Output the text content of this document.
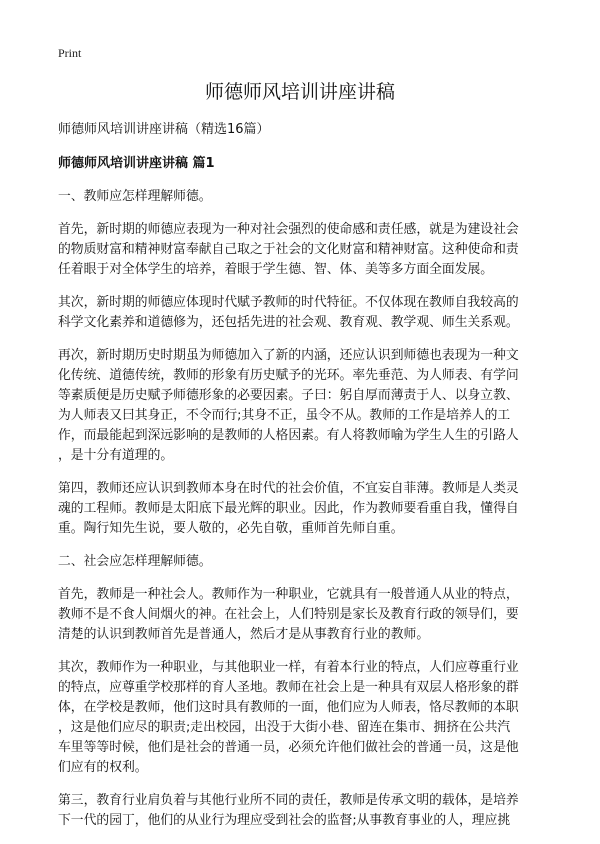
Print
师德师风培训讲座讲稿

师德师风培训讲座讲稿（精选16篇）

师德师风培训讲座讲稿 篇1

一、教师应怎样理解师德。

首先，新时期的师德应表现为一种对社会强烈的使命感和责任感，就是为建设社会
的物质财富和精神财富奉献自己取之于社会的文化财富和精神财富。这种使命和责
任着眼于对全体学生的培养，着眼于学生德、智、体、美等多方面全面发展。

其次，新时期的师德应体现时代赋予教师的时代特征。不仅体现在教师自我较高的
科学文化素养和道德修为，还包括先进的社会观、教育观、教学观、师生关系观。

再次，新时期历史时期虽为师德加入了新的内涵，还应认识到师德也表现为一种文
化传统、道德传统，教师的形象有历史赋予的光环。率先垂范、为人师表、有学问
等素质便是历史赋予师德形象的必要因素。子曰：躬自厚而薄责于人、以身立教、
为人师表又曰其身正，不令而行;其身不正，虽令不从。教师的工作是培养人的工
作，而最能起到深远影响的是教师的人格因素。有人将教师喻为学生人生的引路人
，是十分有道理的。

第四，教师还应认识到教师本身在时代的社会价值，不宜妄自菲薄。教师是人类灵
魂的工程师。教师是太阳底下最光辉的职业。因此，作为教师要看重自我，懂得自
重。陶行知先生说，要人敬的，必先自敬，重师首先师自重。

二、社会应怎样理解师德。

首先，教师是一种社会人。教师作为一种职业，它就具有一般普通人从业的特点，
教师不是不食人间烟火的神。在社会上，人们特别是家长及教育行政的领导们，要
清楚的认识到教师首先是普通人，然后才是从事教育行业的教师。

其次，教师作为一种职业，与其他职业一样，有着本行业的特点，人们应尊重行业
的特点，应尊重学校那样的育人圣地。教师在社会上是一种具有双层人格形象的群
体，在学校是教师，他们这时具有教师的一面，他们应为人师表，恪尽教师的本职
，这是他们应尽的职责;走出校园，出没于大街小巷、留连在集市、拥挤在公共汽
车里等等时候，他们是社会的普通一员，必须允许他们做社会的普通一员，这是他
们应有的权利。

第三，教育行业肩负着与其他行业所不同的责任，教师是传承文明的载体，是培养
下一代的园丁，他们的从业行为理应受到社会的监督;从事教育事业的人，理应挑
